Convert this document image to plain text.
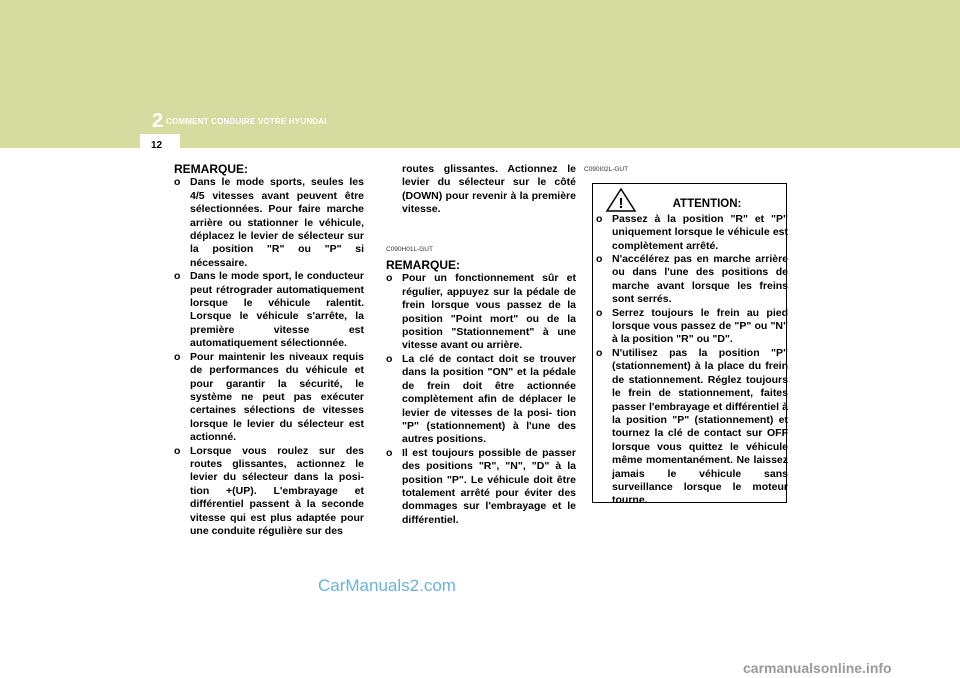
2 COMMENT CONDUIRE VOTRE HYUNDAI
12
REMARQUE:
o Dans le mode sports, seules les 4/5 vitesses avant peuvent être sélectionnées. Pour faire marche arrière ou stationner le véhicule, déplacez le levier de sélecteur sur la position "R" ou "P" si nécessaire.
o Dans le mode sport, le conducteur peut rétrograder automatiquement lorsque le véhicule ralentit. Lorsque le véhicule s'arrête, la première vitesse est automatiquement sélectionnée.
o Pour maintenir les niveaux requis de performances du véhicule et pour garantir la sécurité, le système ne peut pas exécuter certaines sélections de vitesses lorsque le levier du sélecteur est actionné.
o Lorsque vous roulez sur des routes glissantes, actionnez le levier du sélecteur dans la posi- tion +(UP). L'embrayage et différentiel passent à la seconde vitesse qui est plus adaptée pour une conduite régulière sur des
routes glissantes. Actionnez le levier du sélecteur sur le côté (DOWN) pour revenir à la première vitesse.
C090H01L-GUT
REMARQUE:
o Pour un fonctionnement sûr et régulier, appuyez sur la pédale de frein lorsque vous passez de la position "Point mort" ou de la position "Stationnement" à une vitesse avant ou arrière.
o La clé de contact doit se trouver dans la position "ON" et la pédale de frein doit être actionnée complètement afin de déplacer le levier de vitesses de la posi- tion "P" (stationnement) à l'une des autres positions.
o Il est toujours possible de passer des positions "R", "N", "D" à la position "P". Le véhicule doit être totalement arrêté pour éviter des dommages sur l'embrayage et le différentiel.
!
C090I02L-GUT
ATTENTION:
o Passez à la position "R" et "P" uniquement lorsque le véhicule est complètement arrêté.
o N'accélérez pas en marche arrière ou dans l'une des positions de marche avant lorsque les freins sont serrés.
o Serrez toujours le frein au pied lorsque vous passez de "P" ou "N" à la position "R" ou "D".
o N'utilisez pas la position "P" (stationnement) à la place du frein de stationnement. Réglez toujours le frein de stationnement, faites passer l'embrayage et différentiel à la position "P" (stationnement) et tournez la clé de contact sur OFF lorsque vous quittez le véhicule même momentanément. Ne laissez jamais le véhicule sans surveillance lorsque le moteur tourne.
CarManuals2.com
carmanualsonline.info
